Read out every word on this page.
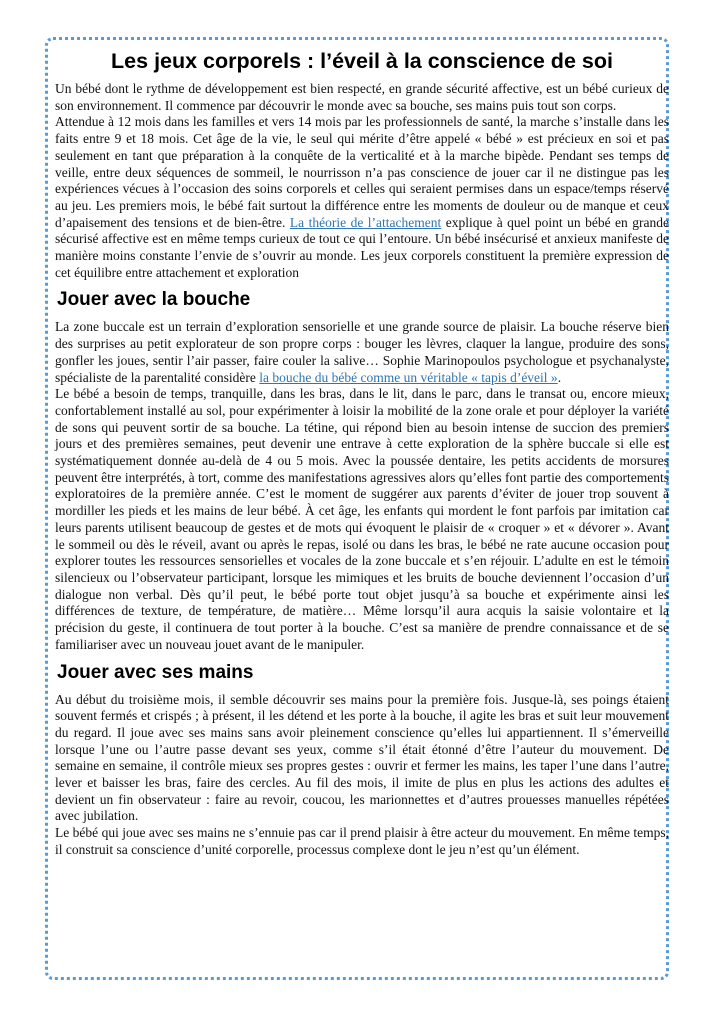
Les jeux corporels : l’éveil à la conscience de soi

Un bébé dont le rythme de développement est bien respecté, en grande sécurité affective, est un bébé curieux de son environnement. Il commence par découvrir le monde avec sa bouche, ses mains puis tout son corps.

Attendue à 12 mois dans les familles et vers 14 mois par les professionnels de santé, la marche s’installe dans les faits entre 9 et 18 mois. Cet âge de la vie, le seul qui mérite d’être appelé « bébé » est précieux en soi et pas seulement en tant que préparation à la conquête de la verticalité et à la marche bipède. Pendant ses temps de veille, entre deux séquences de sommeil, le nourrisson n’a pas conscience de jouer car il ne distingue pas les expériences vécues à l’occasion des soins corporels et celles qui seraient permises dans un espace/temps réservé au jeu. Les premiers mois, le bébé fait surtout la différence entre les moments de douleur ou de manque et ceux d’apaisement des tensions et de bien-être. La théorie de l’attachement explique à quel point un bébé en grande sécurisé affective est en même temps curieux de tout ce qui l’entoure. Un bébé insécurisé et anxieux manifeste de manière moins constante l’envie de s’ouvrir au monde. Les jeux corporels constituent la première expression de cet équilibre entre attachement et exploration

Jouer avec la bouche

La zone buccale est un terrain d’exploration sensorielle et une grande source de plaisir. La bouche réserve bien des surprises au petit explorateur de son propre corps : bouger les lèvres, claquer la langue, produire des sons, gonfler les joues, sentir l’air passer, faire couler la salive… Sophie Marinopoulos psychologue et psychanalyste, spécialiste de la parentalité considère la bouche du bébé comme un véritable « tapis d’éveil ».

Le bébé a besoin de temps, tranquille, dans les bras, dans le lit, dans le parc, dans le transat ou, encore mieux, confortablement installé au sol, pour expérimenter à loisir la mobilité de la zone orale et pour déployer la variété de sons qui peuvent sortir de sa bouche. La tétine, qui répond bien au besoin intense de succion des premiers jours et des premières semaines, peut devenir une entrave à cette exploration de la sphère buccale si elle est systématiquement donnée au-delà de 4 ou 5 mois. Avec la poussée dentaire, les petits accidents de morsures peuvent être interprétés, à tort, comme des manifestations agressives alors qu’elles font partie des comportements exploratoires de la première année. C’est le moment de suggérer aux parents d’éviter de jouer trop souvent à mordiller les pieds et les mains de leur bébé. À cet âge, les enfants qui mordent le font parfois par imitation car leurs parents utilisent beaucoup de gestes et de mots qui évoquent le plaisir de « croquer » et « dévorer ». Avant le sommeil ou dès le réveil, avant ou après le repas, isolé ou dans les bras, le bébé ne rate aucune occasion pour explorer toutes les ressources sensorielles et vocales de la zone buccale et s’en réjouir. L’adulte en est le témoin silencieux ou l’observateur participant, lorsque les mimiques et les bruits de bouche deviennent l’occasion d’un dialogue non verbal. Dès qu’il peut, le bébé porte tout objet jusqu’à sa bouche et expérimente ainsi les différences de texture, de température, de matière… Même lorsqu’il aura acquis la saisie volontaire et la précision du geste, il continuera de tout porter à la bouche. C’est sa manière de prendre connaissance et de se familiariser avec un nouveau jouet avant de le manipuler.

Jouer avec ses mains

Au début du troisième mois, il semble découvrir ses mains pour la première fois. Jusque-là, ses poings étaient souvent fermés et crispés ; à présent, il les détend et les porte à la bouche, il agite les bras et suit leur mouvement du regard. Il joue avec ses mains sans avoir pleinement conscience qu’elles lui appartiennent. Il s’émerveille lorsque l’une ou l’autre passe devant ses yeux, comme s’il était étonné d’être l’auteur du mouvement. De semaine en semaine, il contrôle mieux ses propres gestes : ouvrir et fermer les mains, les taper l’une dans l’autre, lever et baisser les bras, faire des cercles. Au fil des mois, il imite de plus en plus les actions des adultes et devient un fin observateur : faire au revoir, coucou, les marionnettes et d’autres prouesses manuelles répétées avec jubilation.

Le bébé qui joue avec ses mains ne s’ennuie pas car il prend plaisir à être acteur du mouvement. En même temps, il construit sa conscience d’unité corporelle, processus complexe dont le jeu n’est qu’un élément.
